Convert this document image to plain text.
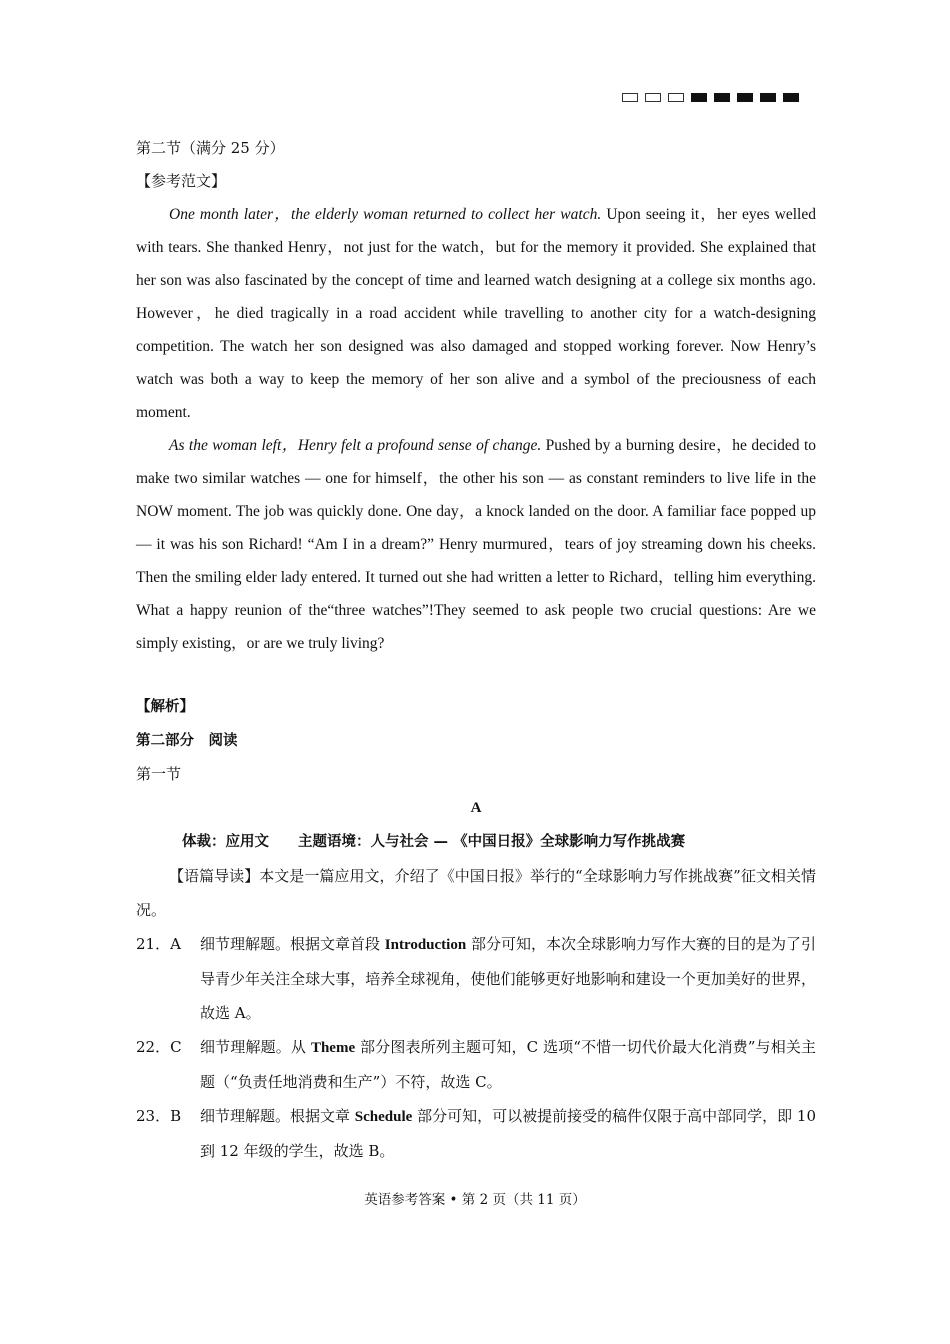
第二节（满分 25 分）

【参考范文】

One month later，the elderly woman returned to collect her watch. Upon seeing it，her eyes welled with tears. She thanked Henry，not just for the watch，but for the memory it provided. She explained that her son was also fascinated by the concept of time and learned watch designing at a college six months ago. However，he died tragically in a road accident while travelling to another city for a watch-designing competition. The watch her son designed was also damaged and stopped working forever. Now Henry’s watch was both a way to keep the memory of her son alive and a symbol of the preciousness of each moment.

As the woman left，Henry felt a profound sense of change. Pushed by a burning desire，he decided to make two similar watches — one for himself，the other his son — as constant reminders to live life in the NOW moment. The job was quickly done. One day，a knock landed on the door. A familiar face popped up — it was his son Richard! “Am I in a dream?” Henry murmured，tears of joy streaming down his cheeks. Then the smiling elder lady entered. It turned out she had written a letter to Richard，telling him everything. What a happy reunion of the“three watches”!They seemed to ask people two crucial questions: Are we simply existing，or are we truly living?

【解析】

第二部分　阅读

第一节

A

体裁：应用文　　主题语境：人与社会 — 《中国日报》全球影响力写作挑战赛

【语篇导读】本文是一篇应用文，介绍了《中国日报》举行的“全球影响力写作挑战赛”征文相关情况。

21．A	细节理解题。根据文章首段 Introduction 部分可知，本次全球影响力写作大赛的目的是为了引导青少年关注全球大事，培养全球视角，使他们能够更好地影响和建设一个更加美好的世界，故选 A。
22．C	细节理解题。从 Theme 部分图表所列主题可知，C 选项“不惜一切代价最大化消费”与相关主题（“负责任地消费和生产”）不符，故选 C。
23．B	细节理解题。根据文章 Schedule 部分可知，可以被提前接受的稿件仅限于高中部同学，即 10 到 12 年级的学生，故选 B。
英语参考答案 • 第 2 页（共 11 页）
